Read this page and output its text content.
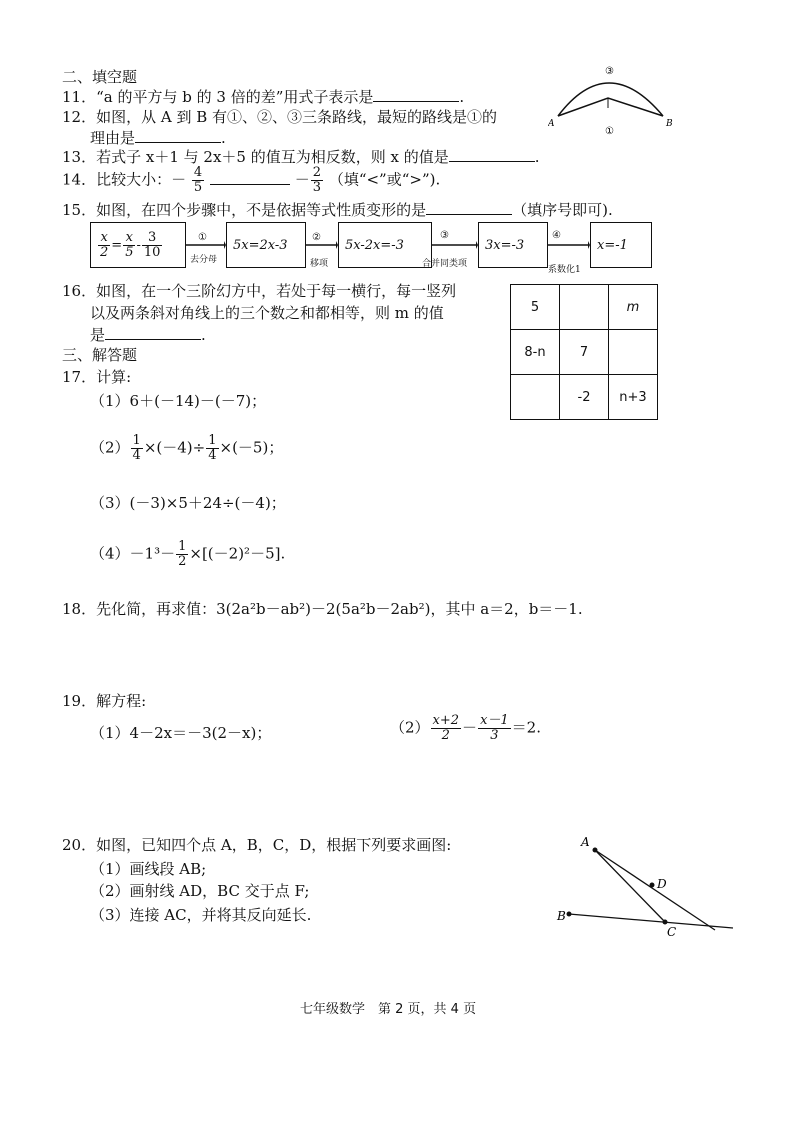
二、填空题
11．“a 的平方与 b 的 3 倍的差”用式子表示是	.
12．如图，从 A 到 B 有①、②、③三条路线，最短的路线是①的
理由是	.
A	B
③
①
13．若式子 x＋1 与 2x＋5 的值互为相反数，则 x 的值是	.
14．比较大小：－ $\frac{4}{5}$	－ $\frac{2}{3}$ （填“<”或“>”).
15．如图，在四个步骤中，不是依据等式性质变形的是	（填序号即可).
$\frac{x}{2} = \frac{x}{5} - \frac{3}{10}$	5x=2x-3	5x-2x=-3	3x=-3	x=-1
①
去分母
②
移项
③
合并同类项
④
系数化1
16．如图，在一个三阶幻方中，若处于每一横行，每一竖列
以及两条斜对角线上的三个数之和都相等，则 m 的值
是	.
5		m
8-n	7	
	-2	n+3
三、解答题
17．计算:
（1）6＋(－14)－(－7)；
$(2) \frac{1}{4} \times(-4)\div \frac{1}{4} \times(-5)$；
（3）(－3)×5＋24÷(－4)；
$(4)-1^3- \frac{1}{2} \times[(-2)^2-5]$.
18．先化简，再求值：3(2a²b－ab²)－2(5a²b－2ab²)，其中 a＝2，b＝－1.
19．解方程:
（1）4－2x＝－3(2－x)；	$(2) \frac{x+2}{2} - \frac{x-1}{3} =2$.
20．如图，已知四个点 A，B，C，D，根据下列要求画图:
（1）画线段 AB;
（2）画射线 AD，BC 交于点 F;
（3）连接 AC，并将其反向延长.
A
D
B
C
七年级数学　第 2 页，共 4 页
